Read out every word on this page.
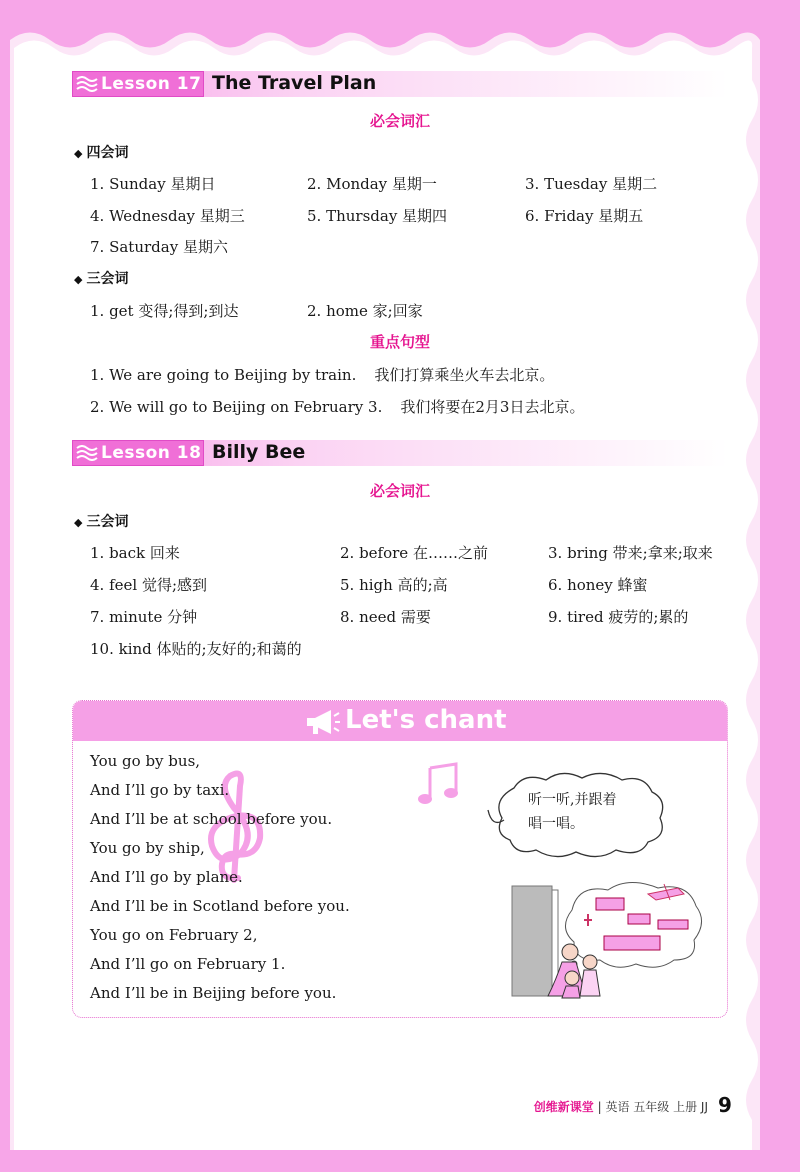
Lesson 17 The Travel Plan
必会词汇
◆ 四会词
1. Sunday 星期日	2. Monday 星期一	3. Tuesday 星期二
4. Wednesday 星期三	5. Thursday 星期四	6. Friday 星期五
7. Saturday 星期六
◆ 三会词
1. get 变得;得到;到达	2. home 家;回家
重点句型
1. We are going to Beijing by train. 我们打算乘坐火车去北京。
2. We will go to Beijing on February 3. 我们将要在2月3日去北京。
Lesson 18 Billy Bee
必会词汇
◆ 三会词
1. back 回来	2. before 在……之前	3. bring 带来;拿来;取来
4. feel 觉得;感到	5. high 高的;高	6. honey 蜂蜜
7. minute 分钟	8. need 需要	9. tired 疲劳的;累的
10. kind 体贴的;友好的;和蔼的
Let's chant
You go by bus,
And I’ll go by taxi.
And I’ll be at school before you.
You go by ship,
And I’ll go by plane.
And I’ll be in Scotland before you.
You go on February 2,
And I’ll go on February 1.
And I’ll be in Beijing before you.
听一听,并跟着
唱一唱。
创维新课堂 | 英语 五年级 上册 JJ 9
